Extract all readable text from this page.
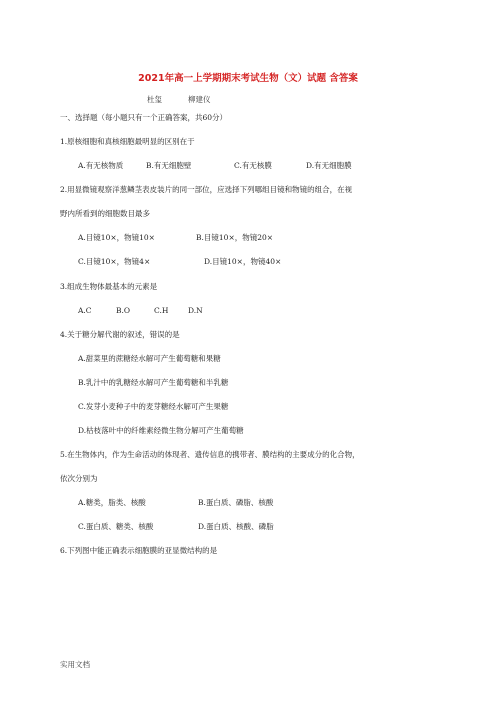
2021年高一上学期期末考试生物（文）试题 含答案
杜玺	柳建仪
一、选择题（每小题只有一个正确答案，共60分）
1.原核细胞和真核细胞最明显的区别在于
A.有无核物质	B.有无细胞壁	C.有无核膜	D.有无细胞膜
2.用显微镜观察洋葱鳞茎表皮装片的同一部位，应选择下列哪组目镜和物镜的组合，在视
野内所看到的细胞数目最多
A.目镜10×，物镜10×	B.目镜10×，物镜20×
C.目镜10×，物镜4×	D.目镜10×，物镜40×
3.组成生物体最基本的元素是
A.C	B.O	C.H	D.N
4.关于糖分解代谢的叙述，错误的是
A.甜菜里的蔗糖经水解可产生葡萄糖和果糖
B.乳汁中的乳糖经水解可产生葡萄糖和半乳糖
C.发芽小麦种子中的麦芽糖经水解可产生果糖
D.枯枝落叶中的纤维素经微生物分解可产生葡萄糖
5.在生物体内，作为生命活动的体现者、遗传信息的携带者、膜结构的主要成分的化合物，
依次分别为
A.糖类，脂类、核酸	B.蛋白质、磷脂、核酸
C.蛋白质、糖类、核酸	D.蛋白质、核酸、磷脂
6.下列图中能正确表示细胞膜的亚显微结构的是
实用文档
